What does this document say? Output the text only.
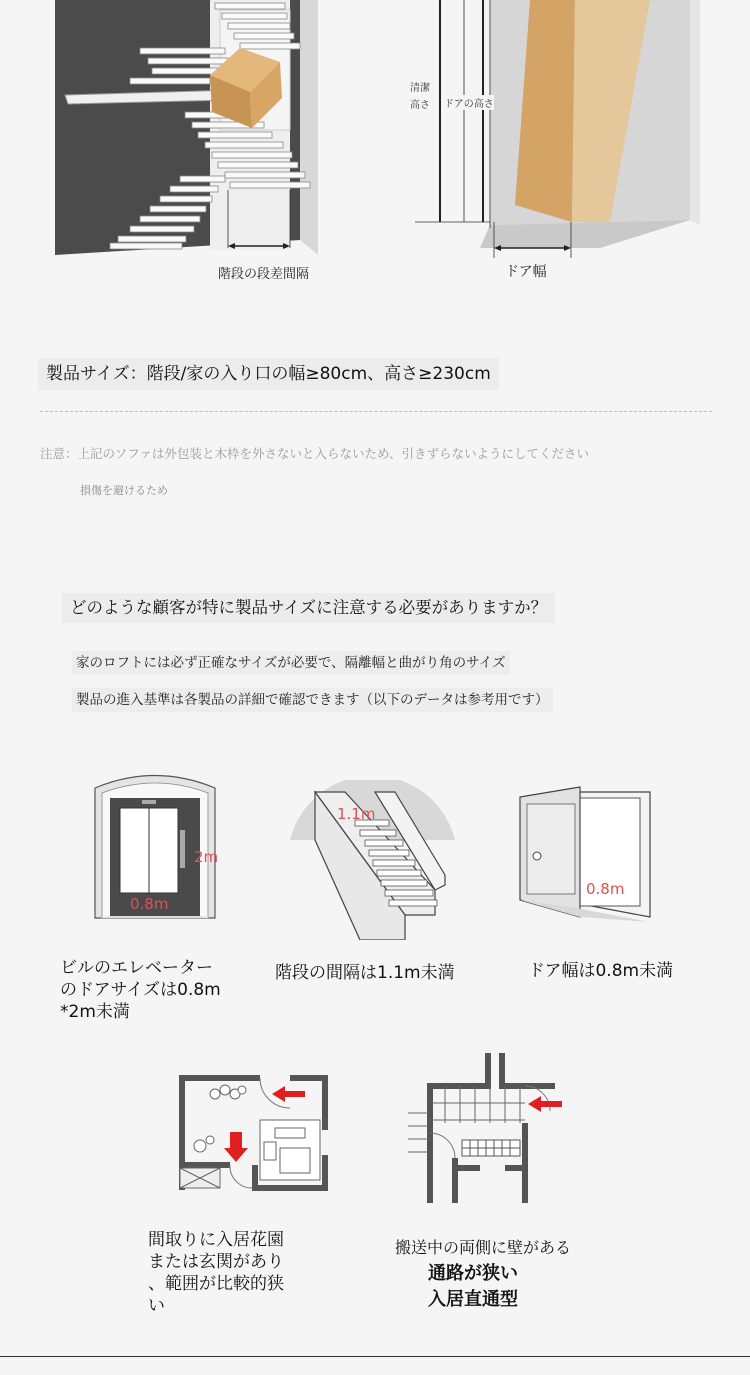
階段の段差間隔	ドア幅
清潔
高さ	ドアの高さ
製品サイズ：階段/家の入り口の幅≥80cm、高さ≥230cm
注意：上記のソファは外包装と木枠を外さないと入らないため、引きずらないようにしてください
損傷を避けるため
どのような顧客が特に製品サイズに注意する必要がありますか？
家のロフトには必ず正確なサイズが必要で、隔離幅と曲がり角のサイズ
製品の進入基準は各製品の詳細で確認できます（以下のデータは参考用です）
2m
0.8m
1.1m
0.8m
ビルのエレベーター
のドアサイズは0.8m
*2m未満
階段の間隔は1.1m未満	ドア幅は0.8m未満
間取りに入居花園
または玄関があり
、範囲が比較的狭
い
搬送中の両側に壁がある
通路が狭い
入居直通型
